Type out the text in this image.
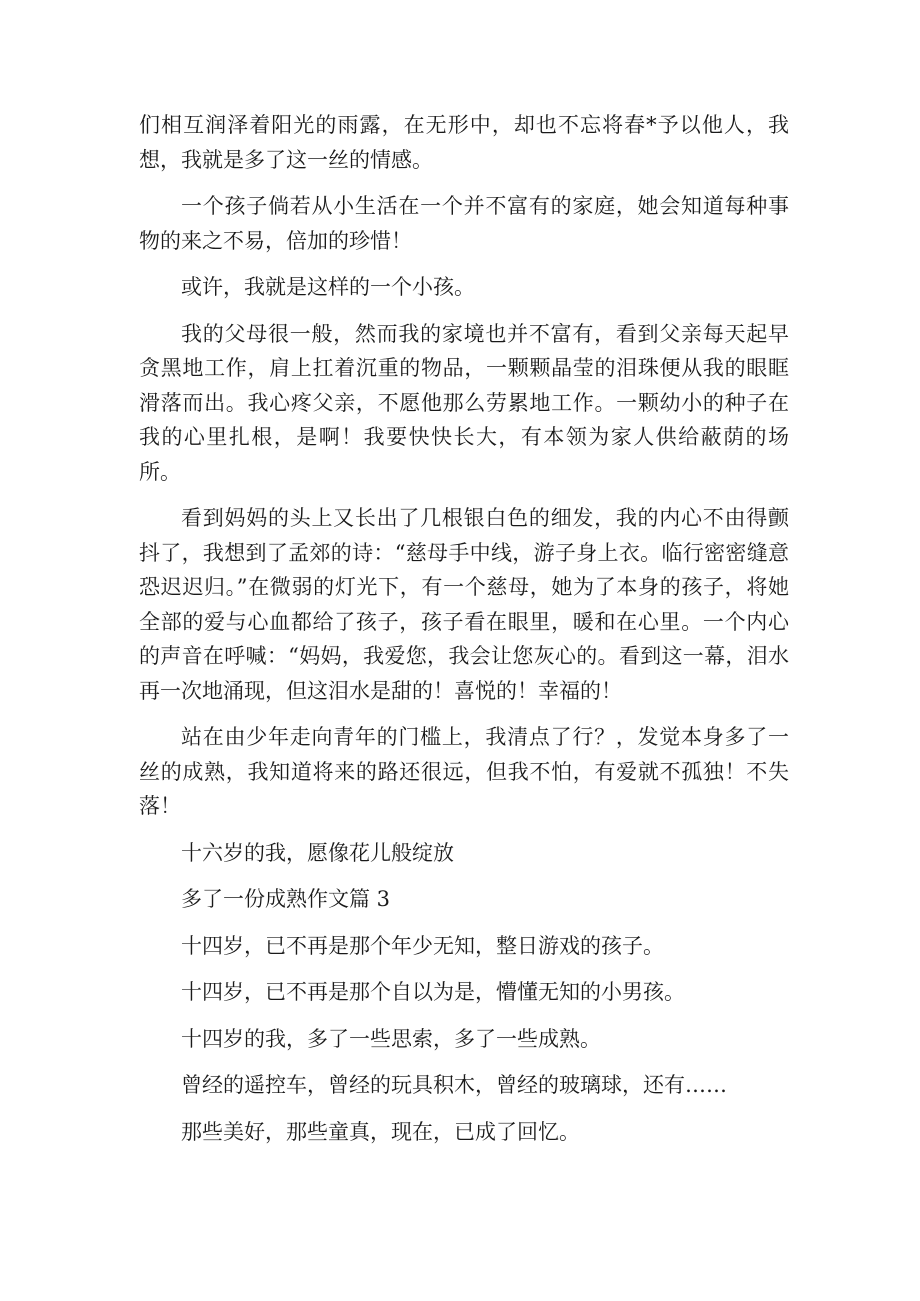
们相互润泽着阳光的雨露，在无形中，却也不忘将春*予以他人，我想，我就是多了这一丝的情感。

一个孩子倘若从小生活在一个并不富有的家庭，她会知道每种事物的来之不易，倍加的珍惜！

或许，我就是这样的一个小孩。

我的父母很一般，然而我的家境也并不富有，看到父亲每天起早贪黑地工作，肩上扛着沉重的物品，一颗颗晶莹的泪珠便从我的眼眶滑落而出。我心疼父亲，不愿他那么劳累地工作。一颗幼小的种子在我的心里扎根，是啊！我要快快长大，有本领为家人供给蔽荫的场所。

看到妈妈的头上又长出了几根银白色的细发，我的内心不由得颤抖了，我想到了孟郊的诗：“慈母手中线，游子身上衣。临行密密缝意恐迟迟归。”在微弱的灯光下，有一个慈母，她为了本身的孩子，将她全部的爱与心血都给了孩子，孩子看在眼里，暖和在心里。一个内心的声音在呼喊：“妈妈，我爱您，我会让您灰心的。看到这一幕，泪水再一次地涌现，但这泪水是甜的！喜悦的！幸福的！

站在由少年走向青年的门槛上，我清点了行？，发觉本身多了一丝的成熟，我知道将来的路还很远，但我不怕，有爱就不孤独！不失落！

十六岁的我，愿像花儿般绽放

多了一份成熟作文篇 3

十四岁，已不再是那个年少无知，整日游戏的孩子。

十四岁，已不再是那个自以为是，懵懂无知的小男孩。

十四岁的我，多了一些思索，多了一些成熟。

曾经的遥控车，曾经的玩具积木，曾经的玻璃球，还有……

那些美好，那些童真，现在，已成了回忆。
